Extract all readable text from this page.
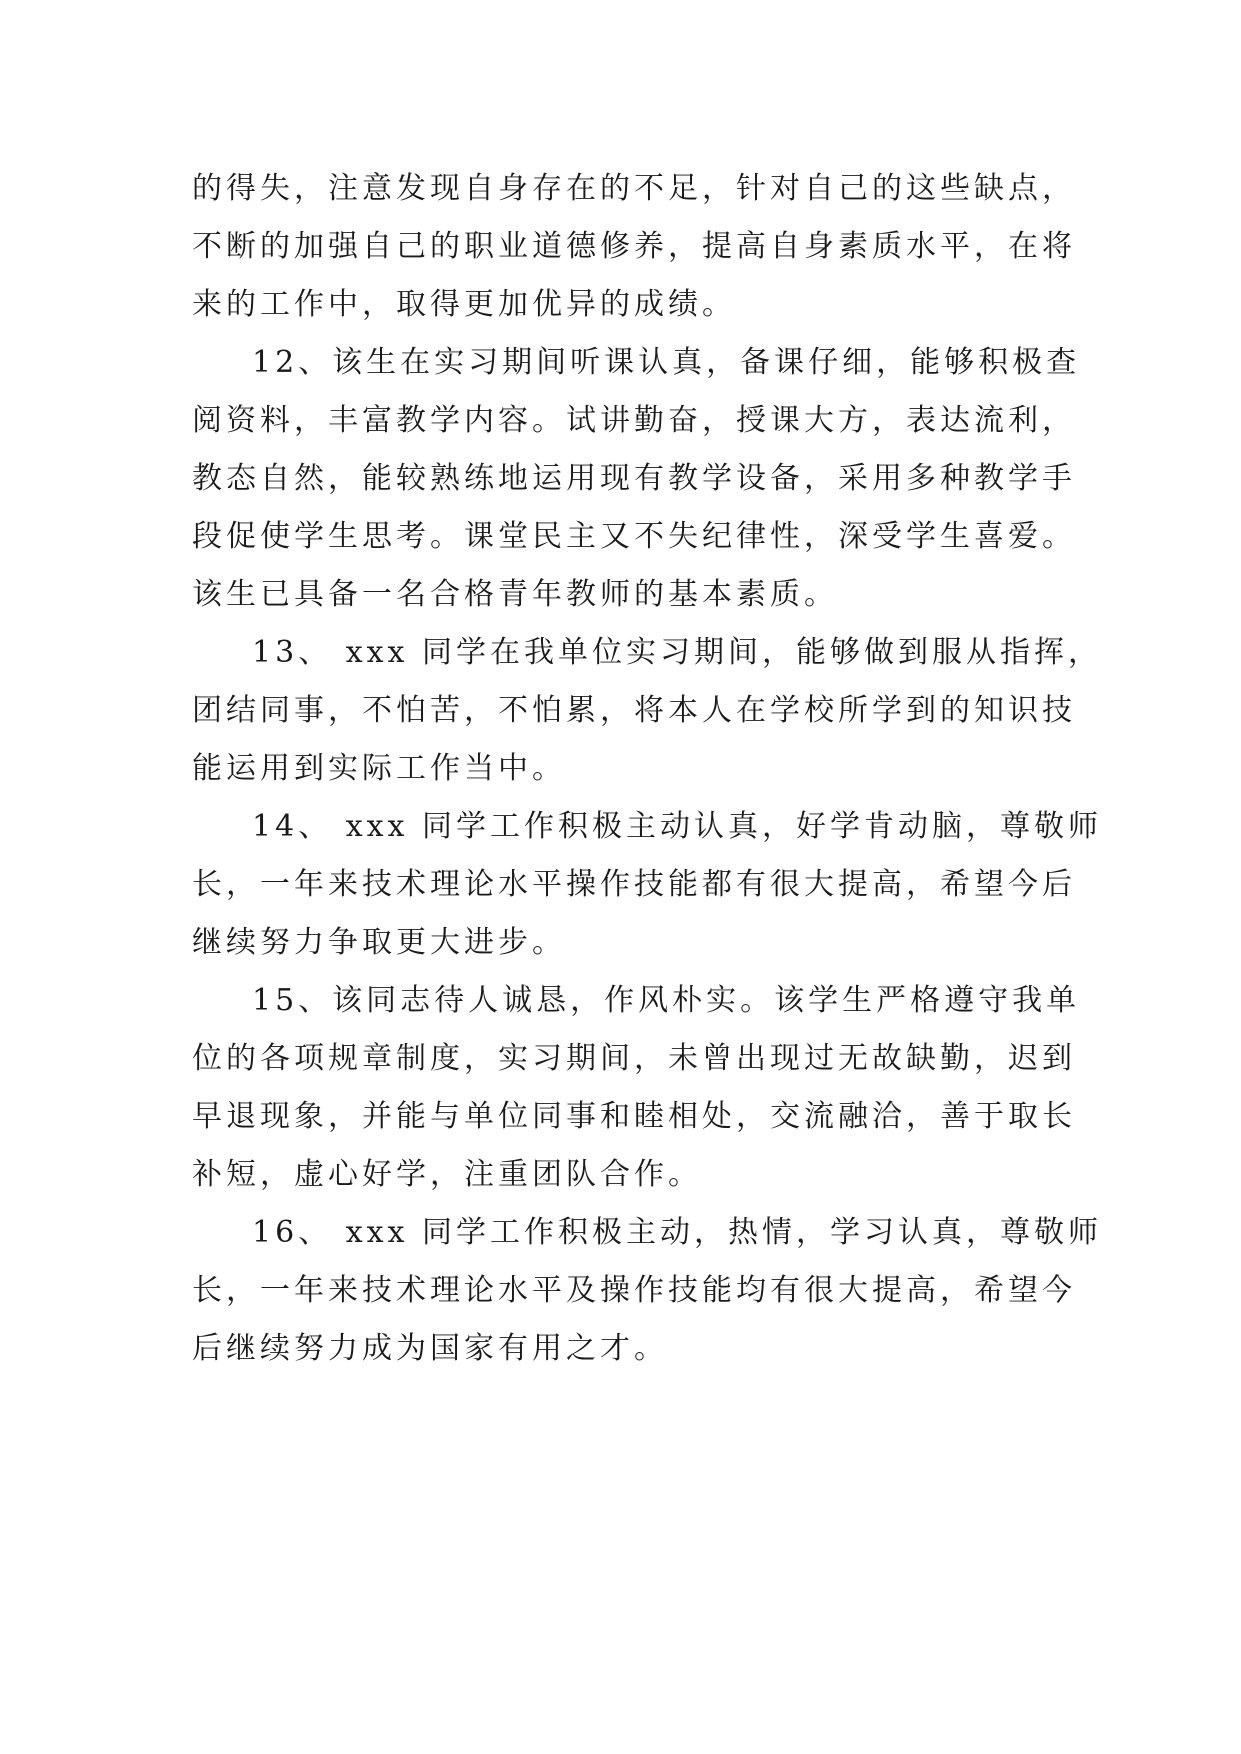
的得失，注意发现自身存在的不足，针对自己的这些缺点，
不断的加强自己的职业道德修养，提高自身素质水平，在将
来的工作中，取得更加优异的成绩。
12、该生在实习期间听课认真，备课仔细，能够积极查
阅资料，丰富教学内容。试讲勤奋，授课大方，表达流利，
教态自然，能较熟练地运用现有教学设备，采用多种教学手
段促使学生思考。课堂民主又不失纪律性，深受学生喜爱。
该生已具备一名合格青年教师的基本素质。
13、 xxx 同学在我单位实习期间，能够做到服从指挥，
团结同事，不怕苦，不怕累，将本人在学校所学到的知识技
能运用到实际工作当中。
14、 xxx 同学工作积极主动认真，好学肯动脑，尊敬师
长，一年来技术理论水平操作技能都有很大提高，希望今后
继续努力争取更大进步。
15、该同志待人诚恳，作风朴实。该学生严格遵守我单
位的各项规章制度，实习期间，未曾出现过无故缺勤，迟到
早退现象，并能与单位同事和睦相处，交流融洽，善于取长
补短，虚心好学，注重团队合作。
16、 xxx 同学工作积极主动，热情，学习认真，尊敬师
长，一年来技术理论水平及操作技能均有很大提高，希望今
后继续努力成为国家有用之才。
